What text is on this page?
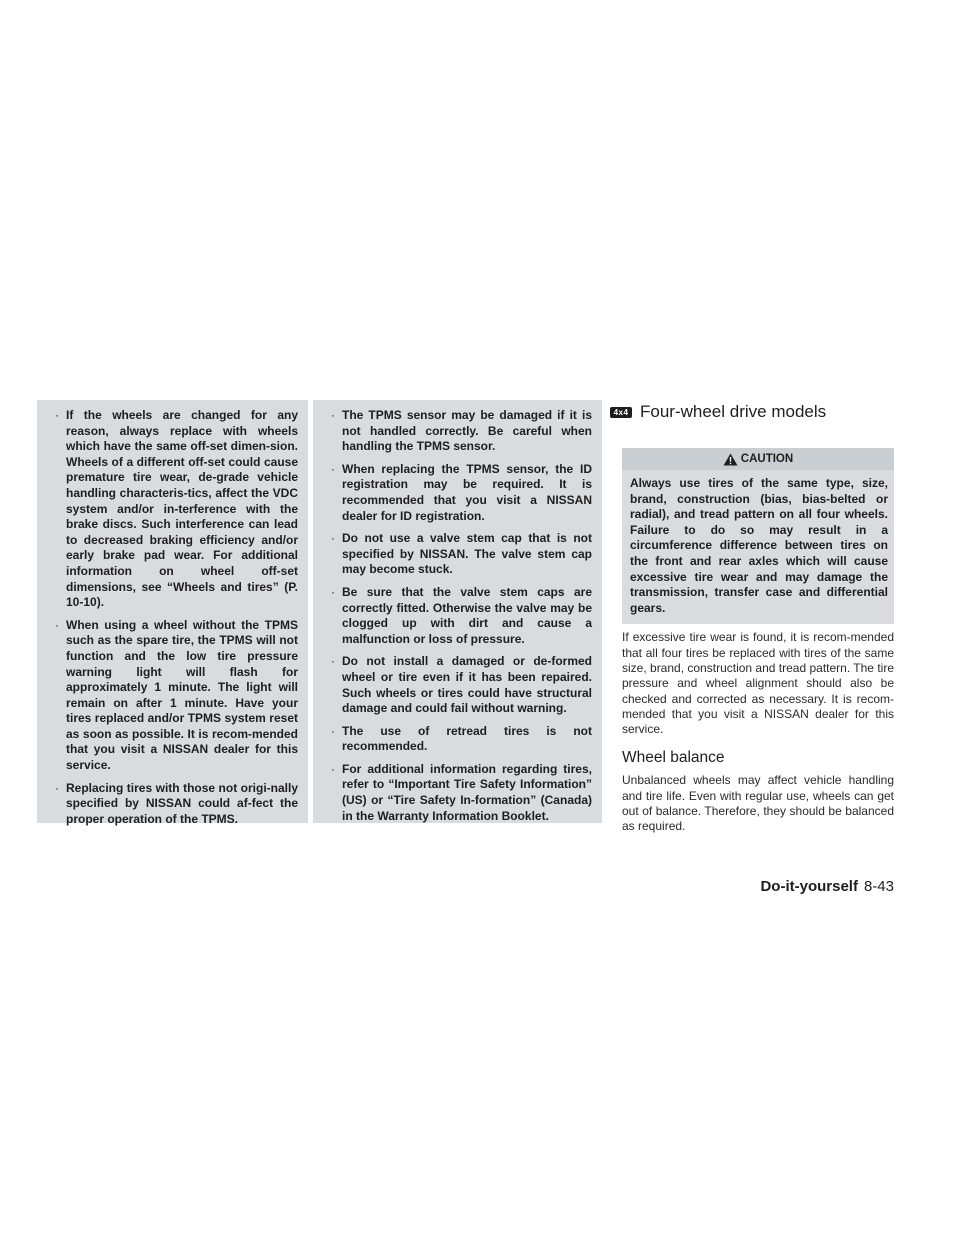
· If the wheels are changed for any reason, always replace with wheels which have the same off-set dimen-sion. Wheels of a different off-set could cause premature tire wear, de-grade vehicle handling characteris-tics, affect the VDC system and/or in-terference with the brake discs. Such interference can lead to decreased braking efficiency and/or early brake pad wear. For additional information on wheel off-set dimensions, see “Wheels and tires” (P. 10-10).
· When using a wheel without the TPMS such as the spare tire, the TPMS will not function and the low tire pressure warning light will flash for approximately 1 minute. The light will remain on after 1 minute. Have your tires replaced and/or TPMS system reset as soon as possible. It is recom-mended that you visit a NISSAN dealer for this service.
· Replacing tires with those not origi-nally specified by NISSAN could af-fect the proper operation of the TPMS.
· The TPMS sensor may be damaged if it is not handled correctly. Be careful when handling the TPMS sensor.
· When replacing the TPMS sensor, the ID registration may be required. It is recommended that you visit a NISSAN dealer for ID registration.
· Do not use a valve stem cap that is not specified by NISSAN. The valve stem cap may become stuck.
· Be sure that the valve stem caps are correctly fitted. Otherwise the valve may be clogged up with dirt and cause a malfunction or loss of pressure.
· Do not install a damaged or de-formed wheel or tire even if it has been repaired. Such wheels or tires could have structural damage and could fail without warning.
· The use of retread tires is not recommended.
· For additional information regarding tires, refer to “Important Tire Safety Information” (US) or “Tire Safety In-formation” (Canada) in the Warranty Information Booklet.
4x4 Four-wheel drive models
CAUTION
Always use tires of the same type, size, brand, construction (bias, bias-belted or radial), and tread pattern on all four wheels. Failure to do so may result in a circumference difference between tires on the front and rear axles which will cause excessive tire wear and may damage the transmission, transfer case and differential gears.

If excessive tire wear is found, it is recom-mended that all four tires be replaced with tires of the same size, brand, construction and tread pattern. The tire pressure and wheel alignment should also be checked and corrected as necessary. It is recom-mended that you visit a NISSAN dealer for this service.

Wheel balance

Unbalanced wheels may affect vehicle handling and tire life. Even with regular use, wheels can get out of balance. Therefore, they should be balanced as required.

Do-it-yourself 8-43
